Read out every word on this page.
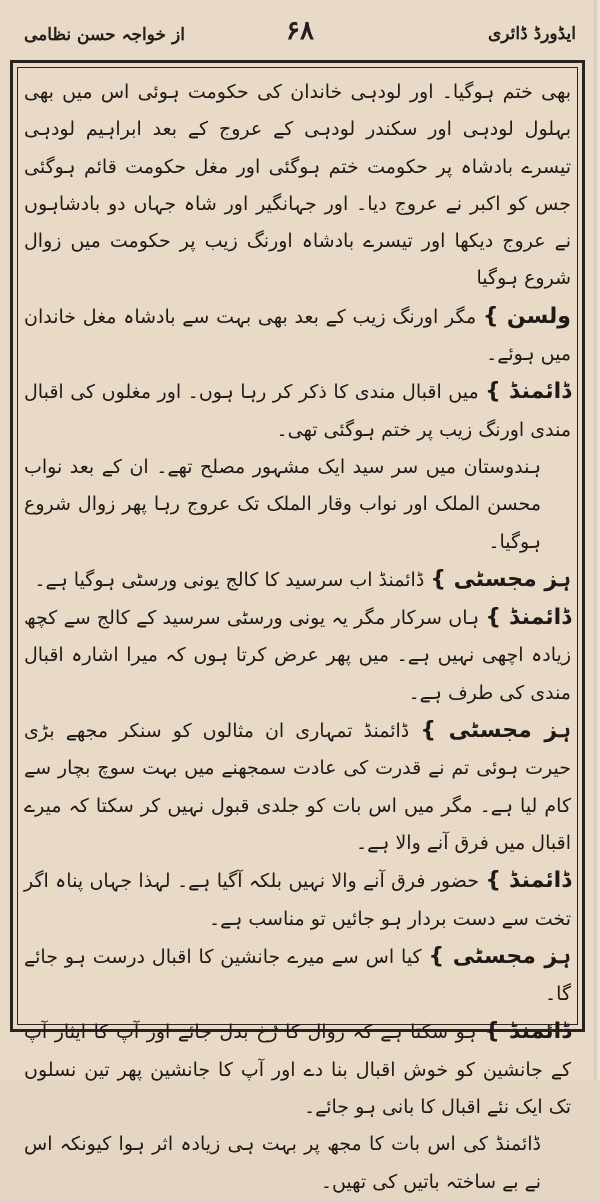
ایڈورڈ ڈائری
۶۸
از خواجہ حسن نظامی

بھی ختم ہوگیا۔ اور لودہی خاندان کی حکومت ہوئی اس میں بھی بہلول لودہی اور سکندر لودہی کے عروج کے بعد ابراہیم لودہی تیسرے بادشاہ پر حکومت ختم ہوگئی اور مغل حکومت قائم ہوگئی جس کو اکبر نے عروج دیا۔ اور جہانگیر اور شاہ جہاں دو بادشاہوں نے عروج دیکھا اور تیسرے بادشاہ اورنگ زیب پر حکومت میں زوال شروع ہوگیا

ولسن } مگر اورنگ زیب کے بعد بھی بہت سے بادشاہ مغل خاندان میں ہوئے۔

ڈائمنڈ } میں اقبال مندی کا ذکر کر رہا ہوں۔ اور مغلوں کی اقبال مندی اورنگ زیب پر ختم ہوگئی تھی۔

ہندوستان میں سر سید ایک مشہور مصلح تھے۔ ان کے بعد نواب محسن الملک اور نواب وقار الملک تک عروج رہا پھر زوال شروع ہوگیا۔

ہز مجسٹی } ڈائمنڈ اب سرسید کا کالج یونی ورسٹی ہوگیا ہے۔

ڈائمنڈ } ہاں سرکار مگر یہ یونی ورسٹی سرسید کے کالج سے کچھ زیادہ اچھی نہیں ہے۔ میں پھر عرض کرتا ہوں کہ میرا اشارہ اقبال مندی کی طرف ہے۔

ہز مجسٹی } ڈائمنڈ تمہاری ان مثالوں کو سنکر مجھے بڑی حیرت ہوئی تم نے قدرت کی عادت سمجھنے میں بہت سوچ بچار سے کام لیا ہے۔ مگر میں اس بات کو جلدی قبول نہیں کر سکتا کہ میرے اقبال میں فرق آنے والا ہے۔

ڈائمنڈ } حضور فرق آنے والا نہیں بلکہ آگیا ہے۔ لہذا جہاں پناہ اگر تخت سے دست بردار ہو جائیں تو مناسب ہے۔

ہز مجسٹی } کیا اس سے میرے جانشین کا اقبال درست ہو جائے گا۔

ڈائمنڈ } ہو سکتا ہے کہ زوال کا رُخ بدل جائے اور آپ کا ایثار آپ کے جانشین کو خوش اقبال بنا دے اور آپ کا جانشین پھر تین نسلوں تک ایک نئے اقبال کا بانی ہو جائے۔

ڈائمنڈ کی اس بات کا مجھ پر بہت ہی زیادہ اثر ہوا کیونکہ اس نے بے ساختہ باتیں کی تھیں۔
